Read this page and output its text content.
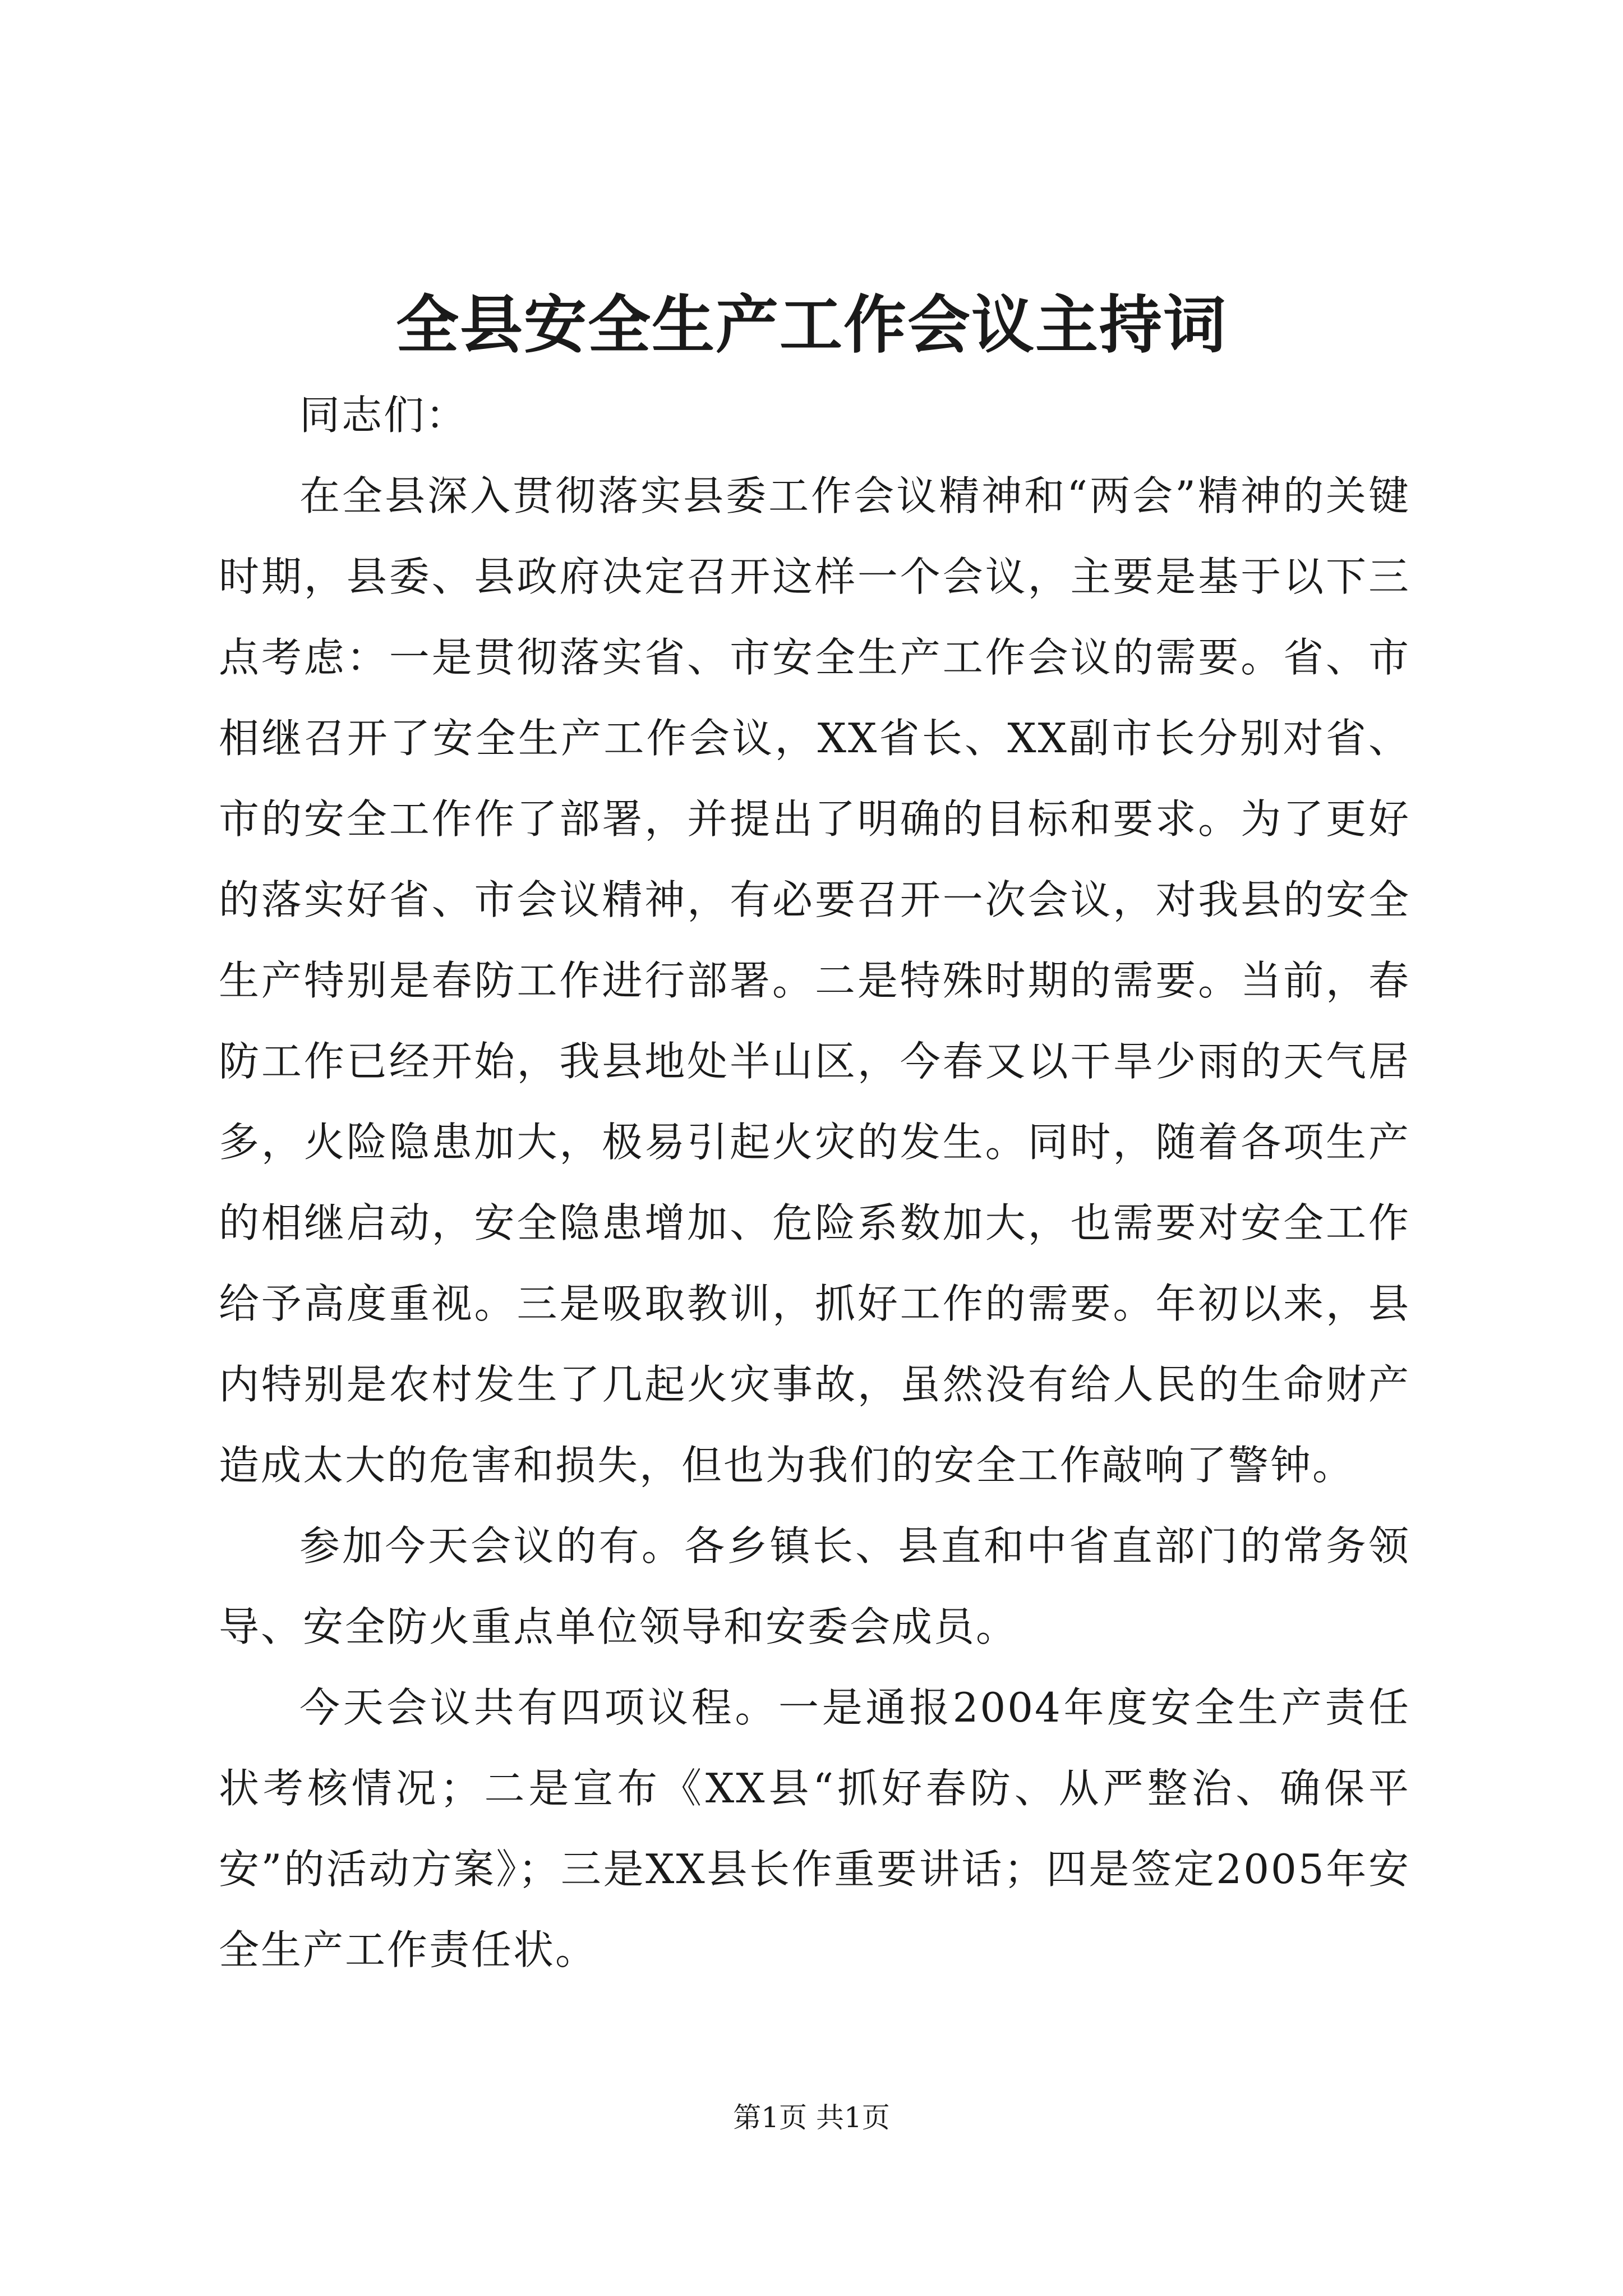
全县安全生产工作会议主持词

同志们：

在全县深入贯彻落实县委工作会议精神和“两会”精神的关键时期，县委、县政府决定召开这样一个会议，主要是基于以下三点考虑：一是贯彻落实省、市安全生产工作会议的需要。省、市相继召开了安全生产工作会议，XX省长、XX副市长分别对省、市的安全工作作了部署，并提出了明确的目标和要求。为了更好的落实好省、市会议精神，有必要召开一次会议，对我县的安全生产特别是春防工作进行部署。二是特殊时期的需要。当前，春防工作已经开始，我县地处半山区，今春又以干旱少雨的天气居多，火险隐患加大，极易引起火灾的发生。同时，随着各项生产的相继启动，安全隐患增加、危险系数加大，也需要对安全工作给予高度重视。三是吸取教训，抓好工作的需要。年初以来，县内特别是农村发生了几起火灾事故，虽然没有给人民的生命财产造成太大的危害和损失，但也为我们的安全工作敲响了警钟。

参加今天会议的有。各乡镇长、县直和中省直部门的常务领导、安全防火重点单位领导和安委会成员。

今天会议共有四项议程。一是通报2004年度安全生产责任状考核情况；二是宣布《XX县“抓好春防、从严整治、确保平安”的活动方案》；三是XX县长作重要讲话；四是签定2005年安全生产工作责任状。

第1页 共1页
